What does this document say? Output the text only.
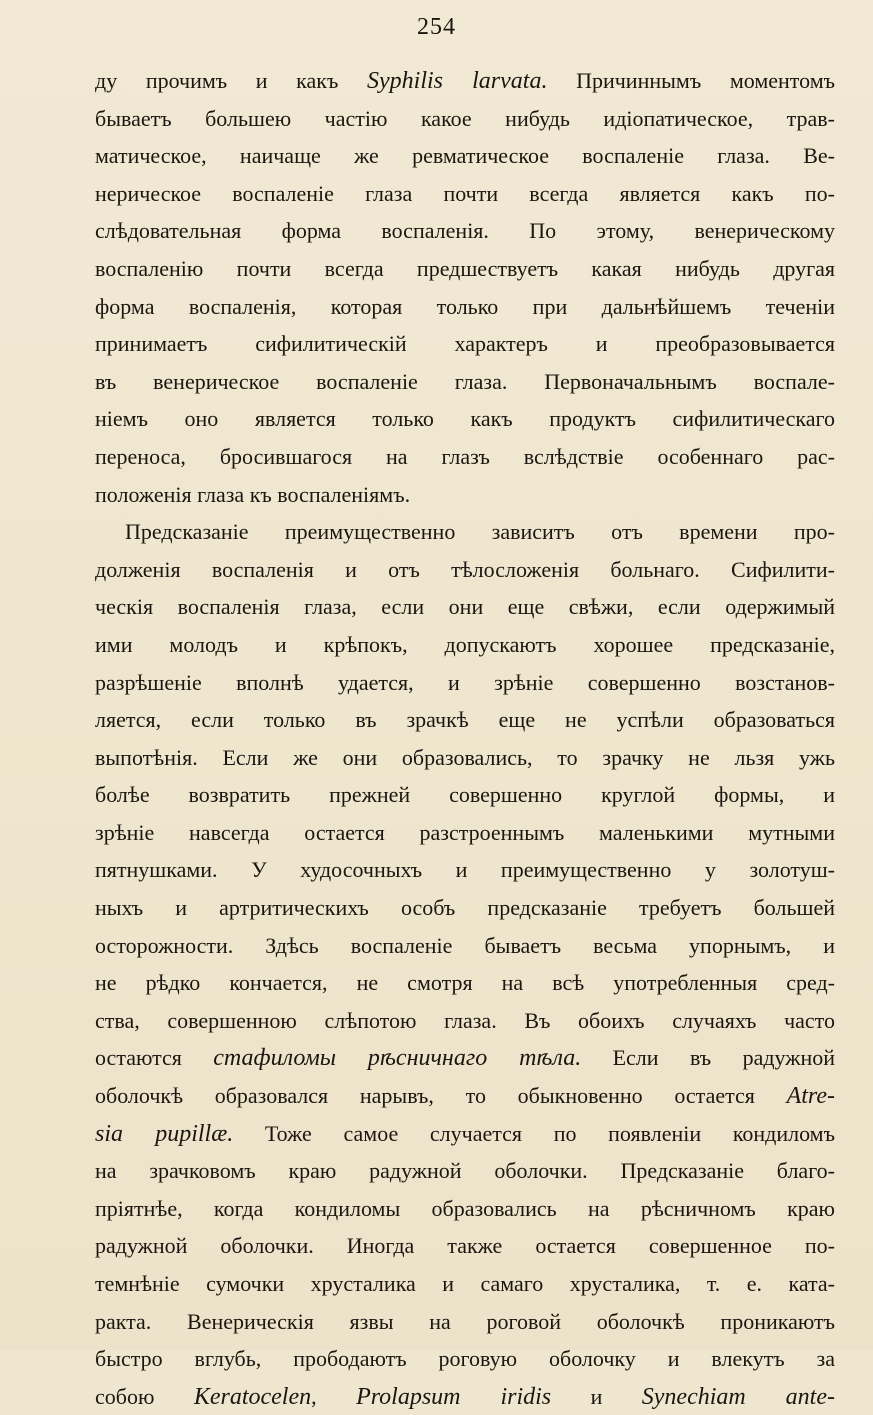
254
ду прочимъ и какъ Syphilis larvata. Причиннымъ моментомъ
бываетъ большею частію какое нибудь идіопатическое, трав-
матическое, наичаще же ревматическое воспаленіе глаза. Ве-
нерическое воспаленіе глаза почти всегда является какъ по-
слѣдовательная форма воспаленія. По этому, венерическому
воспаленію почти всегда предшествуетъ какая нибудь другая
форма воспаленія, которая только при дальнѣйшемъ теченіи
принимаетъ сифилитическій характеръ и преобразовывается
въ венерическое воспаленіе глаза. Первоначальнымъ воспале-
ніемъ оно является только какъ продуктъ сифилитическаго
переноса, бросившагося на глазъ вслѣдствіе особеннаго рас-
положенія глаза къ воспаленіямъ.
Предсказаніе преимущественно зависитъ отъ времени про-
долженія воспаленія и отъ тѣлосложенія больнаго. Сифилити-
ческія воспаленія глаза, если они еще свѣжи, если одержимый
ими молодъ и крѣпокъ, допускаютъ хорошее предсказаніе,
разрѣшеніе вполнѣ удается, и зрѣніе совершенно возстанов-
ляется, если только въ зрачкѣ еще не успѣли образоваться
выпотѣнія. Если же они образовались, то зрачку не льзя ужь
болѣе возвратить прежней совершенно круглой формы, и
зрѣніе навсегда остается разстроеннымъ маленькими мутными
пятнушками. У худосочныхъ и преимущественно у золотуш-
ныхъ и артритическихъ особъ предсказаніе требуетъ большей
осторожности. Здѣсь воспаленіе бываетъ весьма упорнымъ, и
не рѣдко кончается, не смотря на всѣ употребленныя сред-
ства, совершенною слѣпотою глаза. Въ обоихъ случаяхъ часто
остаются стафиломы рѣсничнаго тѣла. Если въ радужной
оболочкѣ образовался нарывъ, то обыкновенно остается Atre-
sia pupillæ. Тоже самое случается по появленіи кондиломъ
на зрачковомъ краю радужной оболочки. Предсказаніе благо-
пріятнѣе, когда кондиломы образовались на рѣсничномъ краю
радужной оболочки. Иногда также остается совершенное по-
темнѣніе сумочки хрусталика и самаго хрусталика, т. е. ката-
ракта. Венерическія язвы на роговой оболочкѣ проникаютъ
быстро вглубь, прободаютъ роговую оболочку и влекутъ за
собою Keratocelen, Prolapsum iridis и Synechiam ante-
